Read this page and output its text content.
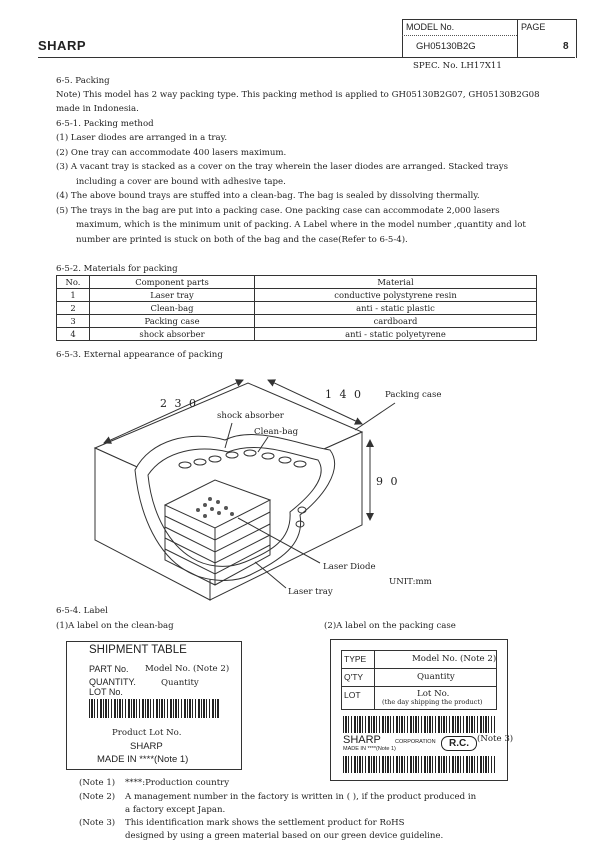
SHARP
MODEL No.
GH05130B2G
PAGE
8
SPEC. No. LH17X11
6-5. Packing
Note) This model has 2 way packing type. This packing method is applied to GH05130B2G07, GH05130B2G08
made in Indonesia.
6-5-1. Packing method
(1) Laser diodes are arranged in a tray.
(2) One tray can accommodate 400 lasers maximum.
(3) A vacant tray is stacked as a cover on the tray wherein the laser diodes are arranged. Stacked trays
including a cover are bound with adhesive tape.
(4) The above bound trays are stuffed into a clean-bag. The bag is sealed by dissolving thermally.
(5) The trays in the bag are put into a packing case. One packing case can accommodate 2,000 lasers
maximum, which is the minimum unit of packing. A Label where in the model number ,quantity and lot
number are printed is stuck on both of the bag and the case(Refer to 6-5-4).
6-5-2. Materials for packing
No.	Component parts	Material
1	Laser tray	conductive polystyrene resin
2	Clean-bag	anti - static plastic
3	Packing case	cardboard
4	shock absorber	anti - static polyetyrene
6-5-3. External appearance of packing
2 3 0
1 4 0
9 0
Packing case
shock absorber
Clean-bag
Laser Diode
Laser tray
UNIT:mm
6-5-4. Label
(1)A label on the clean-bag	(2)A label on the packing case
SHIPMENT TABLE
PART No. Model No. (Note 2)
QUANTITY.	Quantity
LOT No.
Product Lot No.
SHARP
MADE IN ****(Note 1)
TYPE	Model No. (Note 2)
Q'TY	Quantity
LOT	Lot No.
(the day shipping the product)
SHARP	CORPORATION
MADE IN ****(Note 1)	R.C. (Note 3)
(Note 1) ****:Production country
(Note 2) A management number in the factory is written in ( ), if the product produced in
a factory except Japan.
(Note 3) This identification mark shows the settlement product for RoHS
designed by using a green material based on our green device guideline.
